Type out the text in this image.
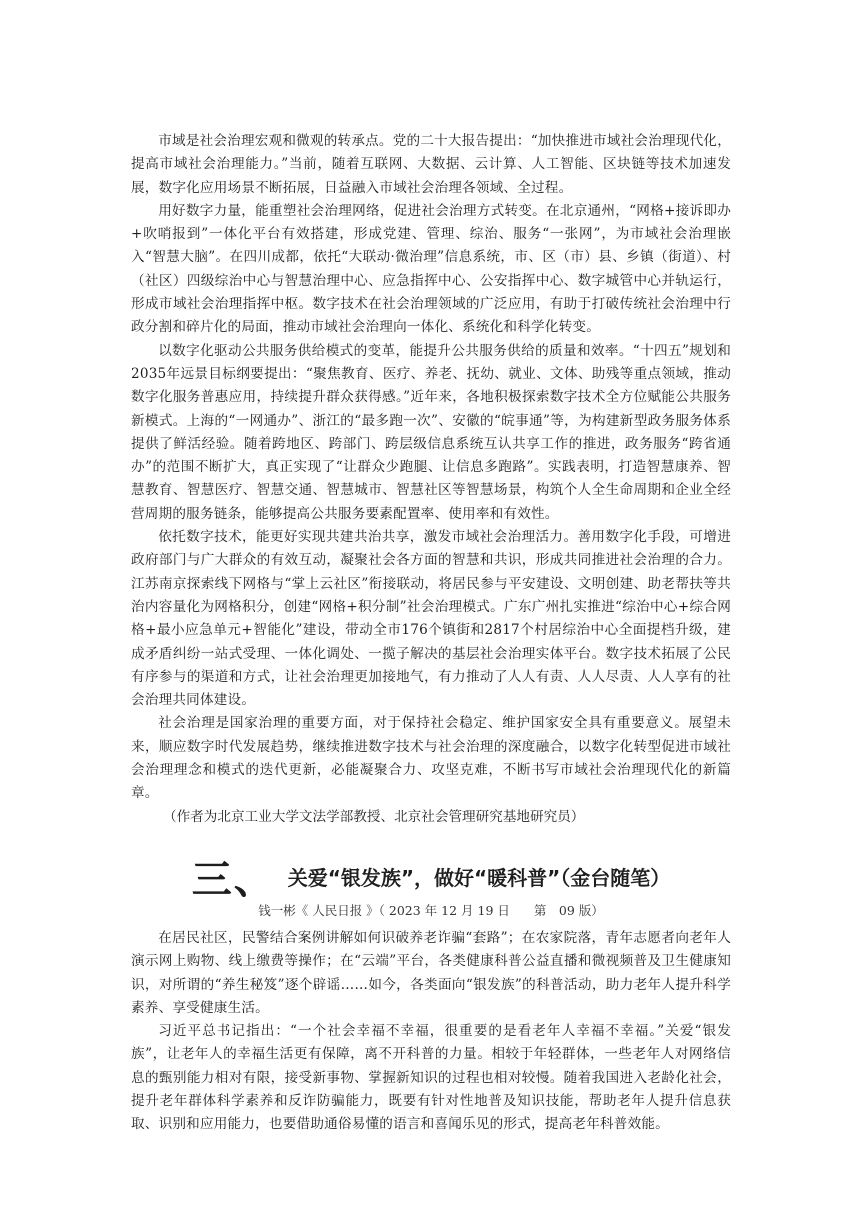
市域是社会治理宏观和微观的转承点。党的二十大报告提出：“加快推进市域社会治理现代化，提高市域社会治理能力。”当前，随着互联网、大数据、云计算、人工智能、区块链等技术加速发展，数字化应用场景不断拓展，日益融入市域社会治理各领域、全过程。

用好数字力量，能重塑社会治理网络，促进社会治理方式转变。在北京通州，“网格+接诉即办+吹哨报到”一体化平台有效搭建，形成党建、管理、综治、服务“一张网”，为市域社会治理嵌入“智慧大脑”。在四川成都，依托“大联动·微治理”信息系统，市、区（市）县、乡镇（街道）、村（社区）四级综治中心与智慧治理中心、应急指挥中心、公安指挥中心、数字城管中心并轨运行，形成市域社会治理指挥中枢。数字技术在社会治理领域的广泛应用，有助于打破传统社会治理中行政分割和碎片化的局面，推动市域社会治理向一体化、系统化和科学化转变。

以数字化驱动公共服务供给模式的变革，能提升公共服务供给的质量和效率。“十四五”规划和2035年远景目标纲要提出：“聚焦教育、医疗、养老、抚幼、就业、文体、助残等重点领域，推动数字化服务普惠应用，持续提升群众获得感。”近年来，各地积极探索数字技术全方位赋能公共服务新模式。上海的“一网通办”、浙江的“最多跑一次”、安徽的“皖事通”等，为构建新型政务服务体系提供了鲜活经验。随着跨地区、跨部门、跨层级信息系统互认共享工作的推进，政务服务“跨省通办”的范围不断扩大，真正实现了“让群众少跑腿、让信息多跑路”。实践表明，打造智慧康养、智慧教育、智慧医疗、智慧交通、智慧城市、智慧社区等智慧场景，构筑个人全生命周期和企业全经营周期的服务链条，能够提高公共服务要素配置率、使用率和有效性。

依托数字技术，能更好实现共建共治共享，激发市域社会治理活力。善用数字化手段，可增进政府部门与广大群众的有效互动，凝聚社会各方面的智慧和共识，形成共同推进社会治理的合力。江苏南京探索线下网格与“掌上云社区”衔接联动，将居民参与平安建设、文明创建、助老帮扶等共治内容量化为网格积分，创建“网格+积分制”社会治理模式。广东广州扎实推进“综治中心+综合网格+最小应急单元+智能化”建设，带动全市176个镇街和2817个村居综治中心全面提档升级，建成矛盾纠纷一站式受理、一体化调处、一揽子解决的基层社会治理实体平台。数字技术拓展了公民有序参与的渠道和方式，让社会治理更加接地气，有力推动了人人有责、人人尽责、人人享有的社会治理共同体建设。

社会治理是国家治理的重要方面，对于保持社会稳定、维护国家安全具有重要意义。展望未来，顺应数字时代发展趋势，继续推进数字技术与社会治理的深度融合，以数字化转型促进市域社会治理理念和模式的迭代更新，必能凝聚合力、攻坚克难，不断书写市域社会治理现代化的新篇章。

（作者为北京工业大学文法学部教授、北京社会管理研究基地研究员）

三、 关爱“银发族”，做好“暖科普”（金台随笔）
钱一彬《 人民日报 》（ 2023 年 12 月 19 日 第　09 版）

在居民社区，民警结合案例讲解如何识破养老诈骗“套路”；在农家院落，青年志愿者向老年人演示网上购物、线上缴费等操作；在“云端”平台，各类健康科普公益直播和微视频普及卫生健康知识，对所谓的“养生秘笈”逐个辟谣……如今，各类面向“银发族”的科普活动，助力老年人提升科学素养、享受健康生活。

习近平总书记指出：“一个社会幸福不幸福，很重要的是看老年人幸福不幸福。”关爱“银发族”，让老年人的幸福生活更有保障，离不开科普的力量。相较于年轻群体，一些老年人对网络信息的甄别能力相对有限，接受新事物、掌握新知识的过程也相对较慢。随着我国进入老龄化社会，提升老年群体科学素养和反诈防骗能力，既要有针对性地普及知识技能，帮助老年人提升信息获取、识别和应用能力，也要借助通俗易懂的语言和喜闻乐见的形式，提高老年科普效能。
